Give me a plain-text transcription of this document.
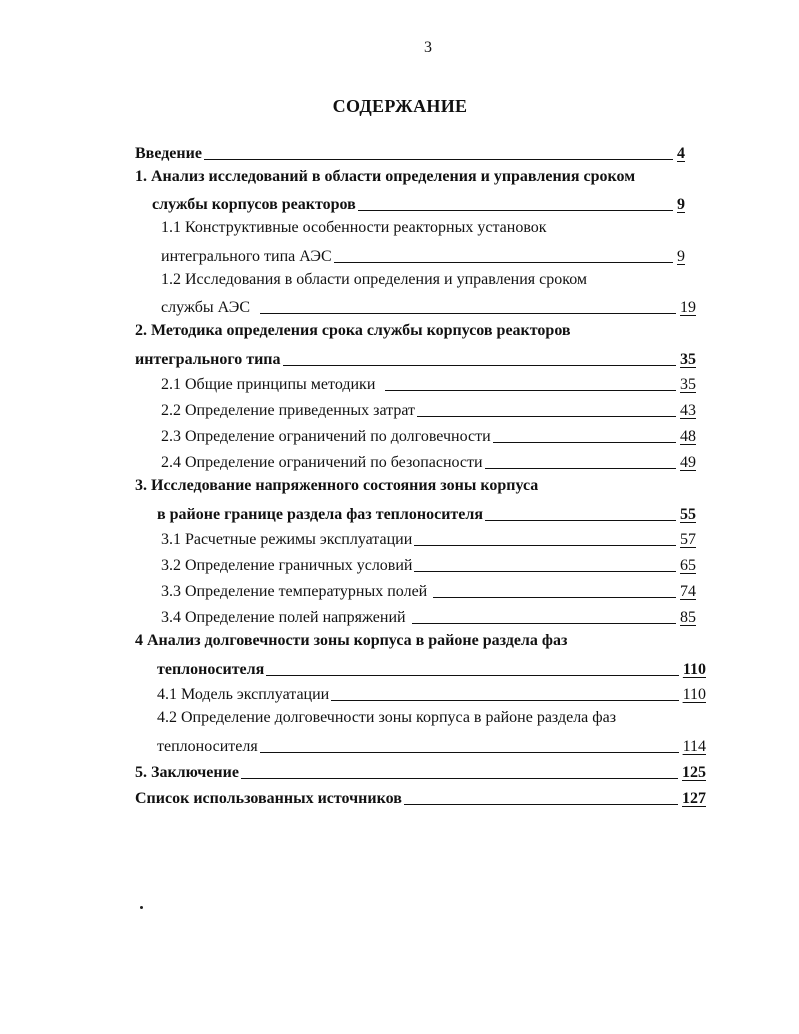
3
СОДЕРЖАНИЕ
Введение	4
1. Анализ исследований в области определения и управления сроком
службы корпусов реакторов	9
1.1 Конструктивные особенности реакторных установок
интегрального типа АЭС	9
1.2 Исследования в области определения и управления сроком
службы АЭС	19
2. Методика определения срока службы корпусов реакторов
интегрального типа	35
2.1 Общие принципы методики	35
2.2 Определение приведенных затрат	43
2.3 Определение ограничений по долговечности	48
2.4 Определение ограничений по безопасности	49
3. Исследование напряженного состояния зоны корпуса
в районе границе раздела фаз теплоносителя	55
3.1 Расчетные режимы эксплуатации	57
3.2 Определение граничных условий	65
3.3 Определение температурных полей	74
3.4 Определение полей напряжений	85
4 Анализ долговечности зоны корпуса в районе раздела фаз
теплоносителя	110
4.1 Модель эксплуатации	110
4.2 Определение долговечности зоны корпуса в районе раздела фаз
теплоносителя	114
5. Заключение	125
Список использованных источников	127
